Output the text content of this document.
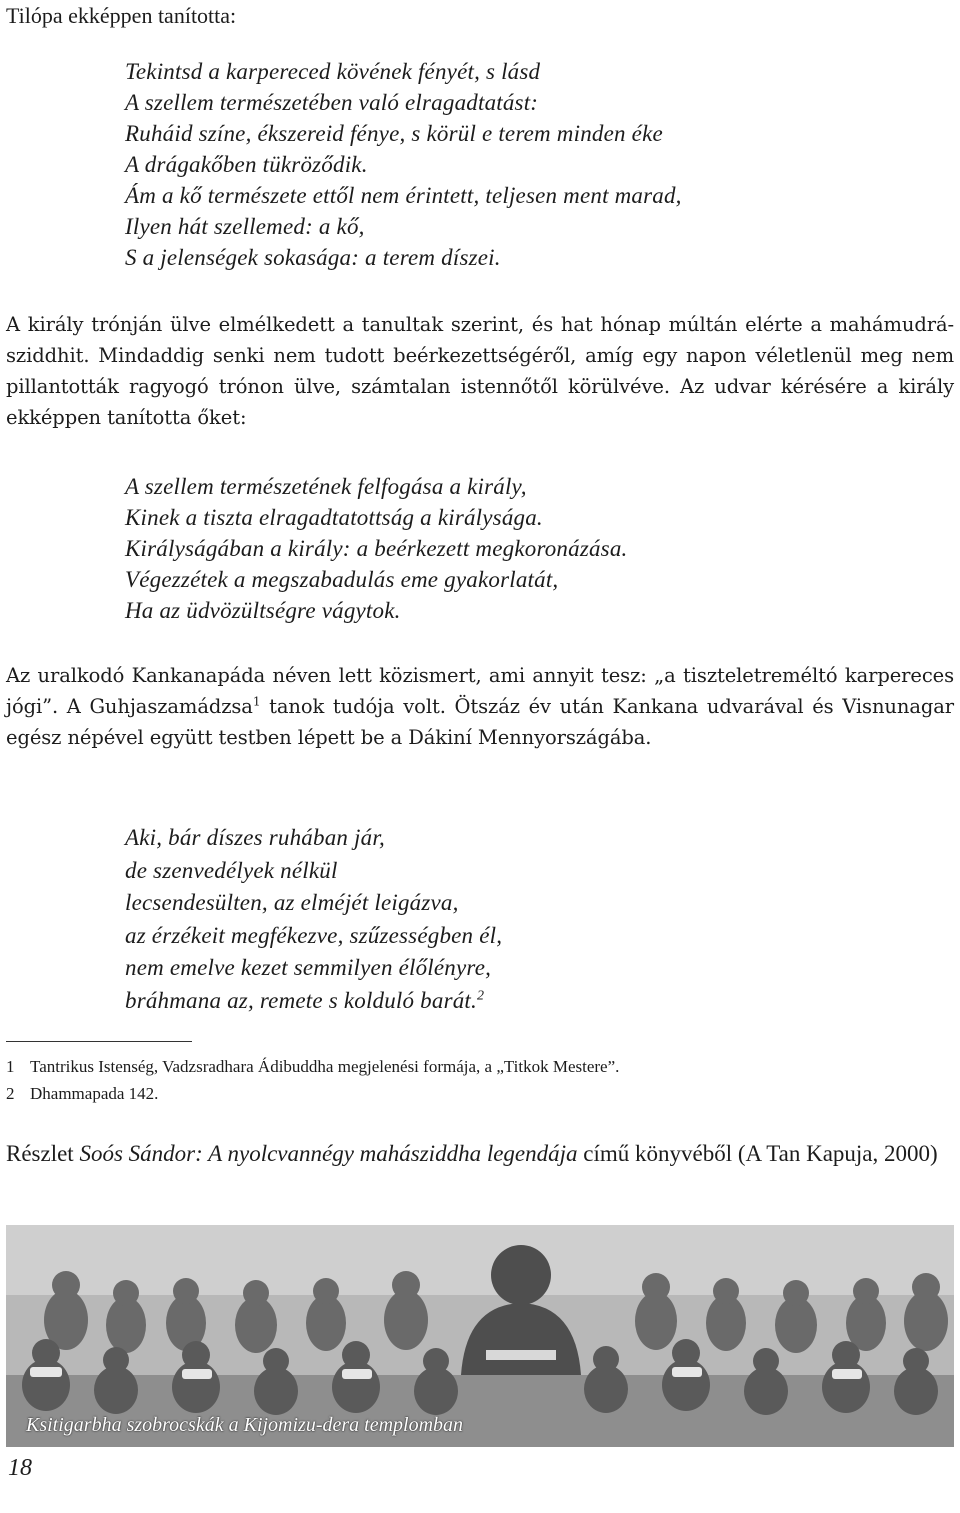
Tilópa ekképpen tanította:
Tekintsd a karpereced kövének fényét, s lásd
A szellem természetében való elragadtatást:
Ruháid színe, ékszereid fénye, s körül e terem minden éke
A drágakőben tükröződik.
Ám a kő természete ettől nem érintett, teljesen ment marad,
Ilyen hát szellemed: a kő,
S a jelenségek sokasága: a terem díszei.
A király trónján ülve elmélkedett a tanultak szerint, és hat hónap múltán elérte a mahámudrá-sziddhit. Mindaddig senki nem tudott beérkezettségéről, amíg egy napon véletlenül meg nem pillantották ragyogó trónon ülve, számtalan istennőtől körülvéve. Az udvar kérésére a király ekképpen tanította őket:
A szellem természetének felfogása a király,
Kinek a tiszta elragadtatottság a királysága.
Királyságában a király: a beérkezett megkoronázása.
Végezzétek a megszabadulás eme gyakorlatát,
Ha az üdvözültségre vágytok.
Az uralkodó Kankanapáda néven lett közismert, ami annyit tesz: „a tiszteletreméltó karpereces jógi”. A Guhjaszamádzsa$^1$ tanok tudója volt. Ötszáz év után Kankana udvarával és Visnunagar egész népével együtt testben lépett be a Dákiní Mennyországába.
Aki, bár díszes ruhában jár,
de szenvedélyek nélkül
lecsendesülten, az elméjét leigázva,
az érzékeit megfékezve, szűzességben él,
nem emelve kezet semmilyen élőlényre,
bráhmana az, remete s kolduló barát.$^2$
1 Tantrikus Istenség, Vadzsradhara Ádibuddha megjelenési formája, a „Titkok Mestere”.
2 Dhammapada 142.
Részlet Soós Sándor: A nyolcvannégy mahásziddha legendája című könyvéből (A Tan Kapuja, 2000)
Ksitigarbha szobrocskák a Kijomizu-dera templomban
18
